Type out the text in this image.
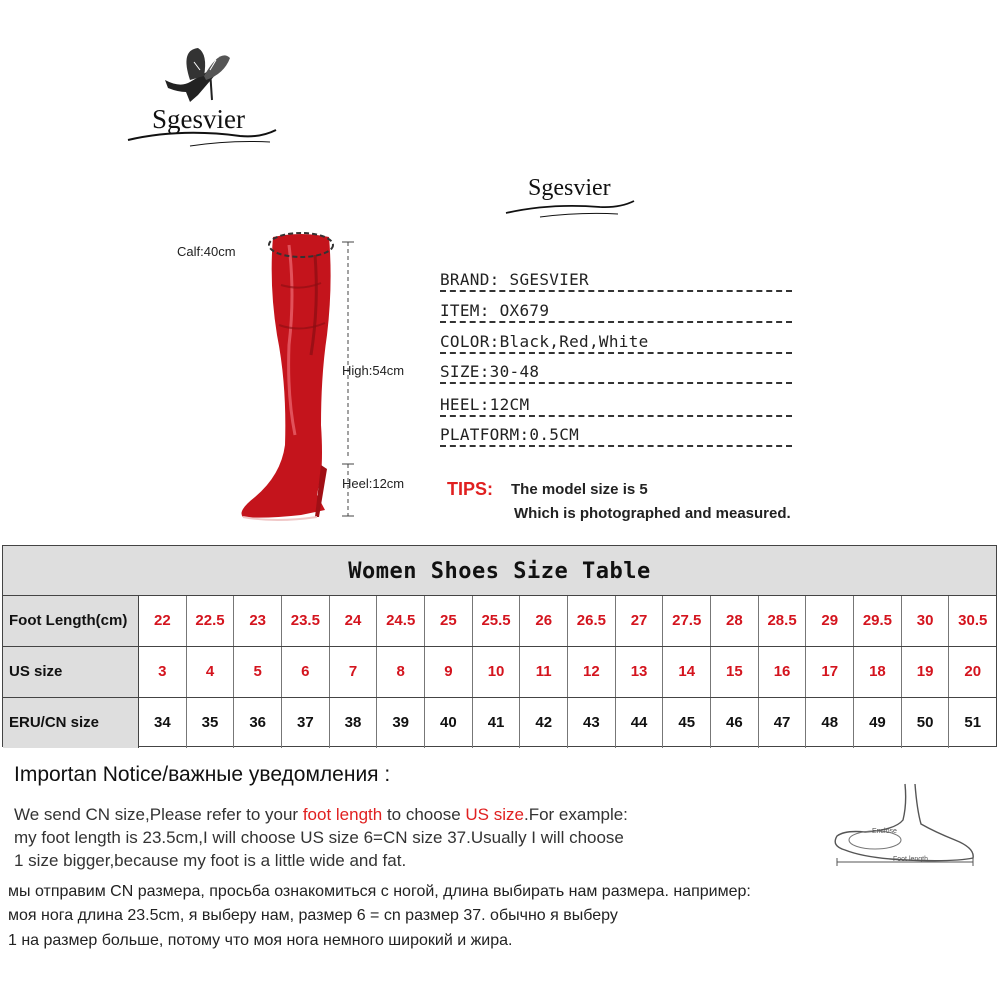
Sgesvier
Sgesvier
Calf:40cm
High:54cm
Heel:12cm
BRAND: SGESVIER
ITEM: OX679
COLOR:Black,Red,White
SIZE:30-48
HEEL:12CM
PLATFORM:0.5CM
TIPS: The model size is 5
Which is photographed and measured.
Women Shoes Size Table
Foot Length(cm)	22	22.5	23	23.5	24	24.5	25	25.5	26	26.5	27	27.5	28	28.5	29	29.5	30	30.5
US size	3	4	5	6	7	8	9	10	11	12	13	14	15	16	17	18	19	20
ERU/CN size	34	35	36	37	38	39	40	41	42	43	44	45	46	47	48	49	50	51
Importan Notice/важные уведомления :
We send CN size,Please refer to your foot length to choose US size.For example:
my foot length is 23.5cm,I will choose US size 6=CN size 37.Usually I will choose
1 size bigger,because my foot is a little wide and fat.
мы отправим CN размера, просьба ознакомиться с ногой, длина выбирать нам размера. например:
моя нога длина 23.5cm, я выберу нам, размер 6 = cn размер 37. обычно я выберу
1 на размер больше, потому что моя нога немного широкий и жира.
Enclose
Foot length
